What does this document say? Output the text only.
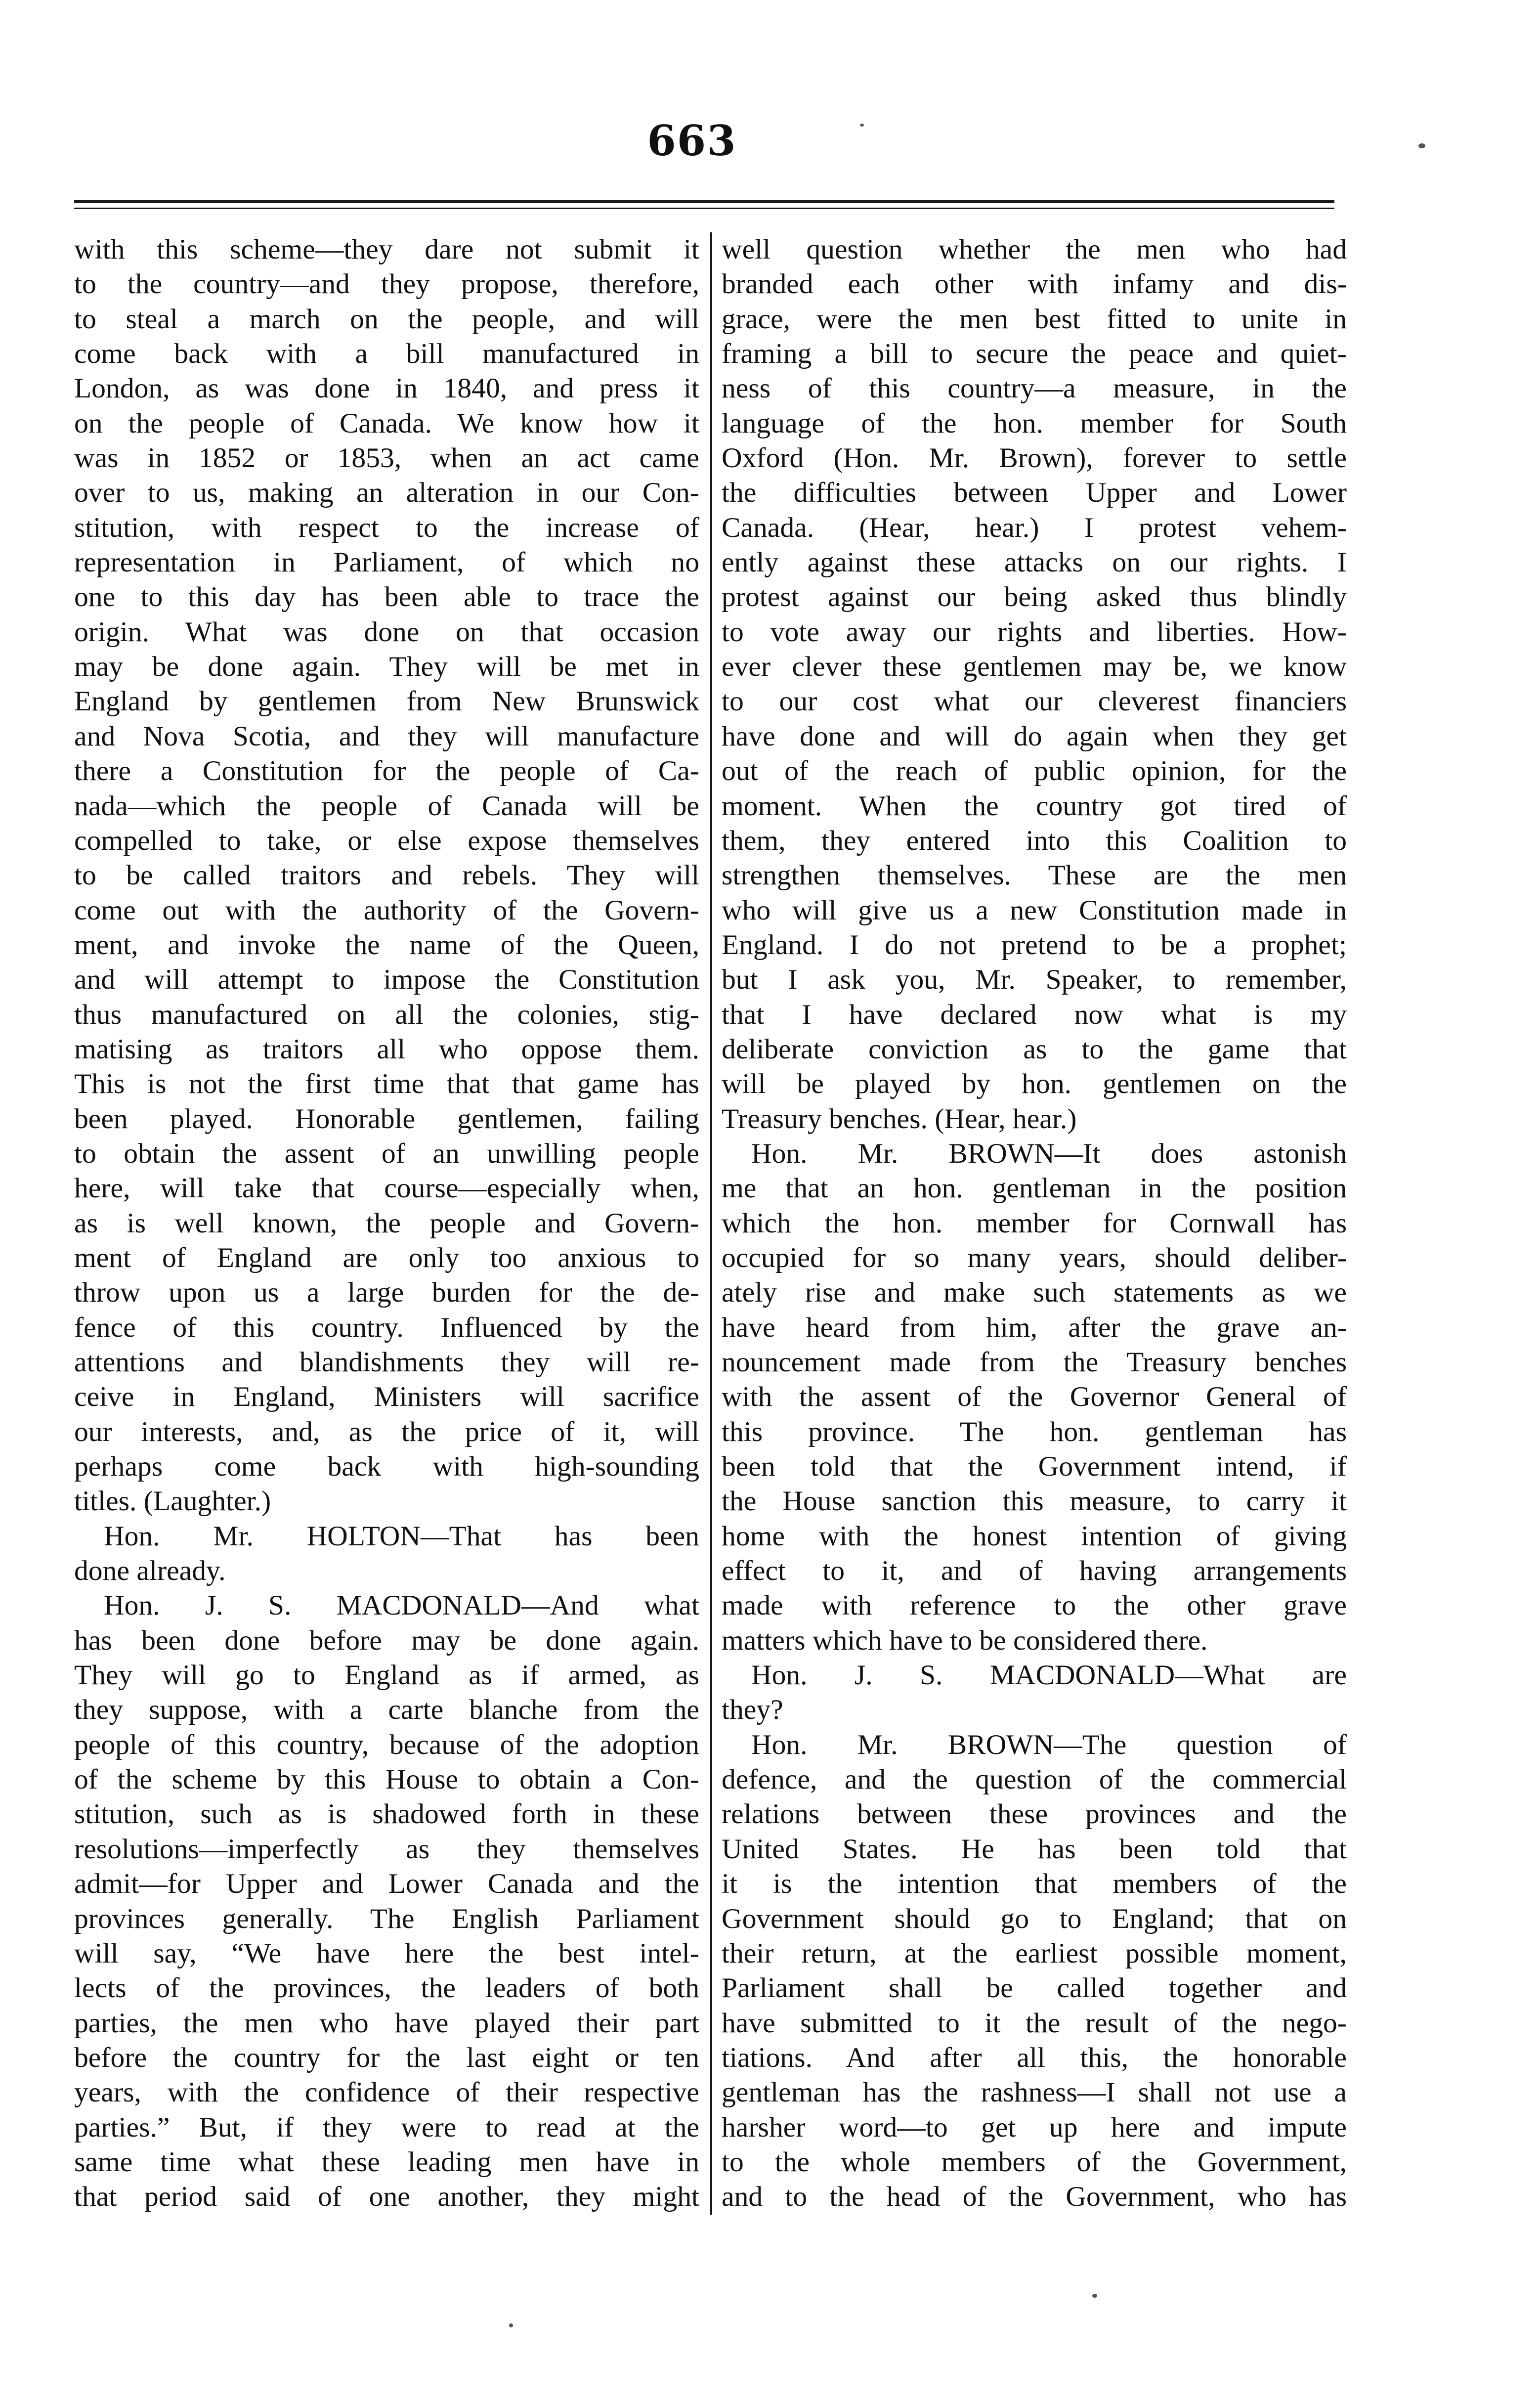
663
with this scheme—they dare not submit it
to the country—and they propose, therefore,
to steal a march on the people, and will
come back with a bill manufactured in
London, as was done in 1840, and press it
on the people of Canada. We know how it
was in 1852 or 1853, when an act came
over to us, making an alteration in our Con-
stitution, with respect to the increase of
representation in Parliament, of which no
one to this day has been able to trace the
origin. What was done on that occasion
may be done again. They will be met in
England by gentlemen from New Brunswick
and Nova Scotia, and they will manufacture
there a Constitution for the people of Ca-
nada—which the people of Canada will be
compelled to take, or else expose themselves
to be called traitors and rebels. They will
come out with the authority of the Govern-
ment, and invoke the name of the Queen,
and will attempt to impose the Constitution
thus manufactured on all the colonies, stig-
matising as traitors all who oppose them.
This is not the first time that that game has
been played. Honorable gentlemen, failing
to obtain the assent of an unwilling people
here, will take that course—especially when,
as is well known, the people and Govern-
ment of England are only too anxious to
throw upon us a large burden for the de-
fence of this country. Influenced by the
attentions and blandishments they will re-
ceive in England, Ministers will sacrifice
our interests, and, as the price of it, will
perhaps come back with high-sounding
titles. (Laughter.)
Hon. Mr. HOLTON—That has been
done already.
Hon. J. S. MACDONALD—And what
has been done before may be done again.
They will go to England as if armed, as
they suppose, with a carte blanche from the
people of this country, because of the adoption
of the scheme by this House to obtain a Con-
stitution, such as is shadowed forth in these
resolutions—imperfectly as they themselves
admit—for Upper and Lower Canada and the
provinces generally. The English Parliament
will say, “We have here the best intel-
lects of the provinces, the leaders of both
parties, the men who have played their part
before the country for the last eight or ten
years, with the confidence of their respective
parties.” But, if they were to read at the
same time what these leading men have in
that period said of one another, they might
well question whether the men who had
branded each other with infamy and dis-
grace, were the men best fitted to unite in
framing a bill to secure the peace and quiet-
ness of this country—a measure, in the
language of the hon. member for South
Oxford (Hon. Mr. Brown), forever to settle
the difficulties between Upper and Lower
Canada. (Hear, hear.) I protest vehem-
ently against these attacks on our rights. I
protest against our being asked thus blindly
to vote away our rights and liberties. How-
ever clever these gentlemen may be, we know
to our cost what our cleverest financiers
have done and will do again when they get
out of the reach of public opinion, for the
moment. When the country got tired of
them, they entered into this Coalition to
strengthen themselves. These are the men
who will give us a new Constitution made in
England. I do not pretend to be a prophet;
but I ask you, Mr. Speaker, to remember,
that I have declared now what is my
deliberate conviction as to the game that
will be played by hon. gentlemen on the
Treasury benches. (Hear, hear.)
Hon. Mr. BROWN—It does astonish
me that an hon. gentleman in the position
which the hon. member for Cornwall has
occupied for so many years, should deliber-
ately rise and make such statements as we
have heard from him, after the grave an-
nouncement made from the Treasury benches
with the assent of the Governor General of
this province. The hon. gentleman has
been told that the Government intend, if
the House sanction this measure, to carry it
home with the honest intention of giving
effect to it, and of having arrangements
made with reference to the other grave
matters which have to be considered there.
Hon. J. S. MACDONALD—What are
they?
Hon. Mr. BROWN—The question of
defence, and the question of the commercial
relations between these provinces and the
United States. He has been told that
it is the intention that members of the
Government should go to England; that on
their return, at the earliest possible moment,
Parliament shall be called together and
have submitted to it the result of the nego-
tiations. And after all this, the honorable
gentleman has the rashness—I shall not use a
harsher word—to get up here and impute
to the whole members of the Government,
and to the head of the Government, who has
